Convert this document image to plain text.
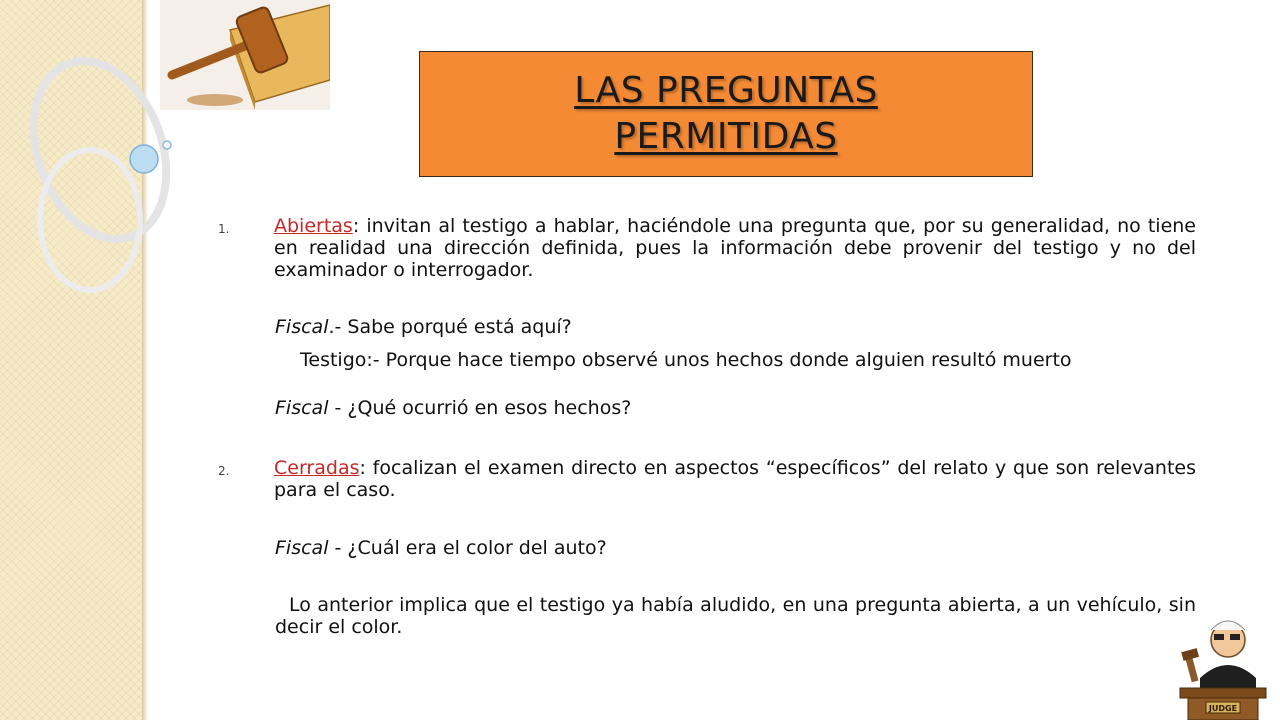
LAS PREGUNTAS
PERMITIDAS
1. Abiertas: invitan al testigo a hablar, haciéndole una pregunta que, por su generalidad, no tiene en realidad una dirección definida, pues la información debe provenir del testigo y no del examinador o interrogador.
Fiscal.- Sabe porqué está aquí?
Testigo:- Porque hace tiempo observé unos hechos donde alguien resultó muerto
Fiscal - ¿Qué ocurrió en esos hechos?
2. Cerradas: focalizan el examen directo en aspectos “específicos” del relato y que son relevantes para el caso.
Fiscal - ¿Cuál era el color del auto?
Lo anterior implica que el testigo ya había aludido, en una pregunta abierta, a un vehículo, sin decir el color.
JUDGE
